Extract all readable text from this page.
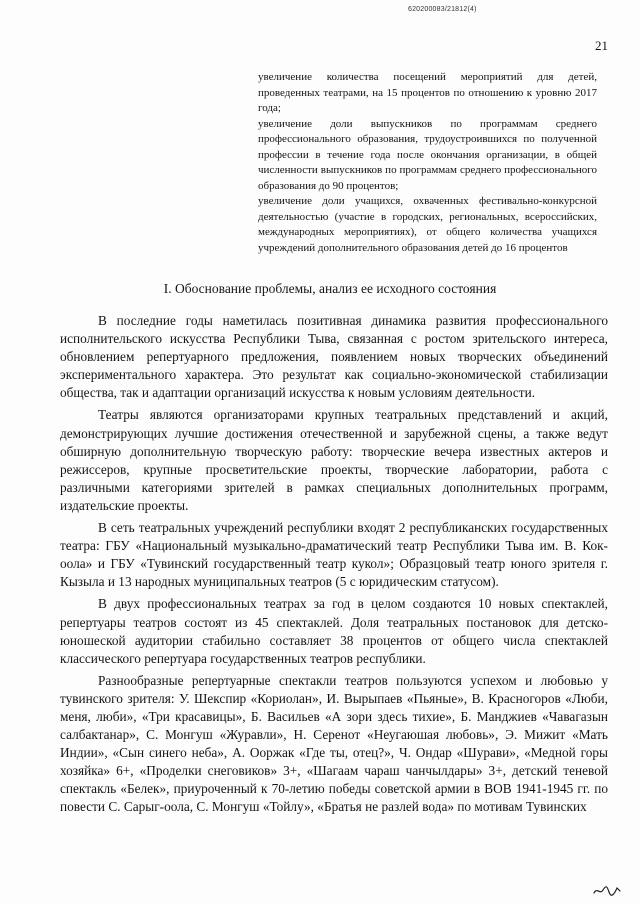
620200083/21812(4)
21

увеличение количества посещений мероприятий для детей, проведенных театрами, на 15 процентов по отношению к уровню 2017 года;

увеличение доли выпускников по программам среднего профессионального образования, трудоустроившихся по полученной профессии в течение года после окончания организации, в общей численности выпускников по программам среднего профессионального образования до 90 процентов;

увеличение доли учащихся, охваченных фестивально-конкурсной деятельностью (участие в городских, региональных, всероссийских, международных мероприятиях), от общего количества учащихся учреждений дополнительного образования детей до 16 процентов

I. Обоснование проблемы, анализ ее исходного состояния

В последние годы наметилась позитивная динамика развития профессионального исполнительского искусства Республики Тыва, связанная с ростом зрительского интереса, обновлением репертуарного предложения, появлением новых творческих объединений экспериментального характера. Это результат как социально-экономической стабилизации общества, так и адаптации организаций искусства к новым условиям деятельности.

Театры являются организаторами крупных театральных представлений и акций, демонстрирующих лучшие достижения отечественной и зарубежной сцены, а также ведут обширную дополнительную творческую работу: творческие вечера известных актеров и режиссеров, крупные просветительские проекты, творческие лаборатории, работа с различными категориями зрителей в рамках специальных дополнительных программ, издательские проекты.

В сеть театральных учреждений республики входят 2 республиканских государственных театра: ГБУ «Национальный музыкально-драматический театр Республики Тыва им. В. Кок-оола» и ГБУ «Тувинский государственный театр кукол»; Образцовый театр юного зрителя г. Кызыла и 13 народных муниципальных театров (5 с юридическим статусом).

В двух профессиональных театрах за год в целом создаются 10 новых спектаклей, репертуары театров состоят из 45 спектаклей. Доля театральных постановок для детско-юношеской аудитории стабильно составляет 38 процентов от общего числа спектаклей классического репертуара государственных театров республики.

Разнообразные репертуарные спектакли театров пользуются успехом и любовью у тувинского зрителя: У. Шекспир «Кориолан», И. Вырыпаев «Пьяные», В. Красногоров «Люби, меня, люби», «Три красавицы», Б. Васильев «А зори здесь тихие», Б. Манджиев «Чавагазын салбактанар», С. Монгуш «Журавли», Н. Серенот «Неугаюшая любовь», Э. Мижит «Мать Индии», «Сын синего неба», А. Ооржак «Где ты, отец?», Ч. Ондар «Шурави», «Медной горы хозяйка» 6+, «Проделки снеговиков» 3+, «Шагаам чараш чанчылдары» 3+, детский теневой спектакль «Белек», приуроченный к 70-летию победы советской армии в ВОВ 1941-1945 гг. по повести С. Сарыг-оола, С. Монгуш «Тойлу», «Братья не разлей вода» по мотивам Тувинских
